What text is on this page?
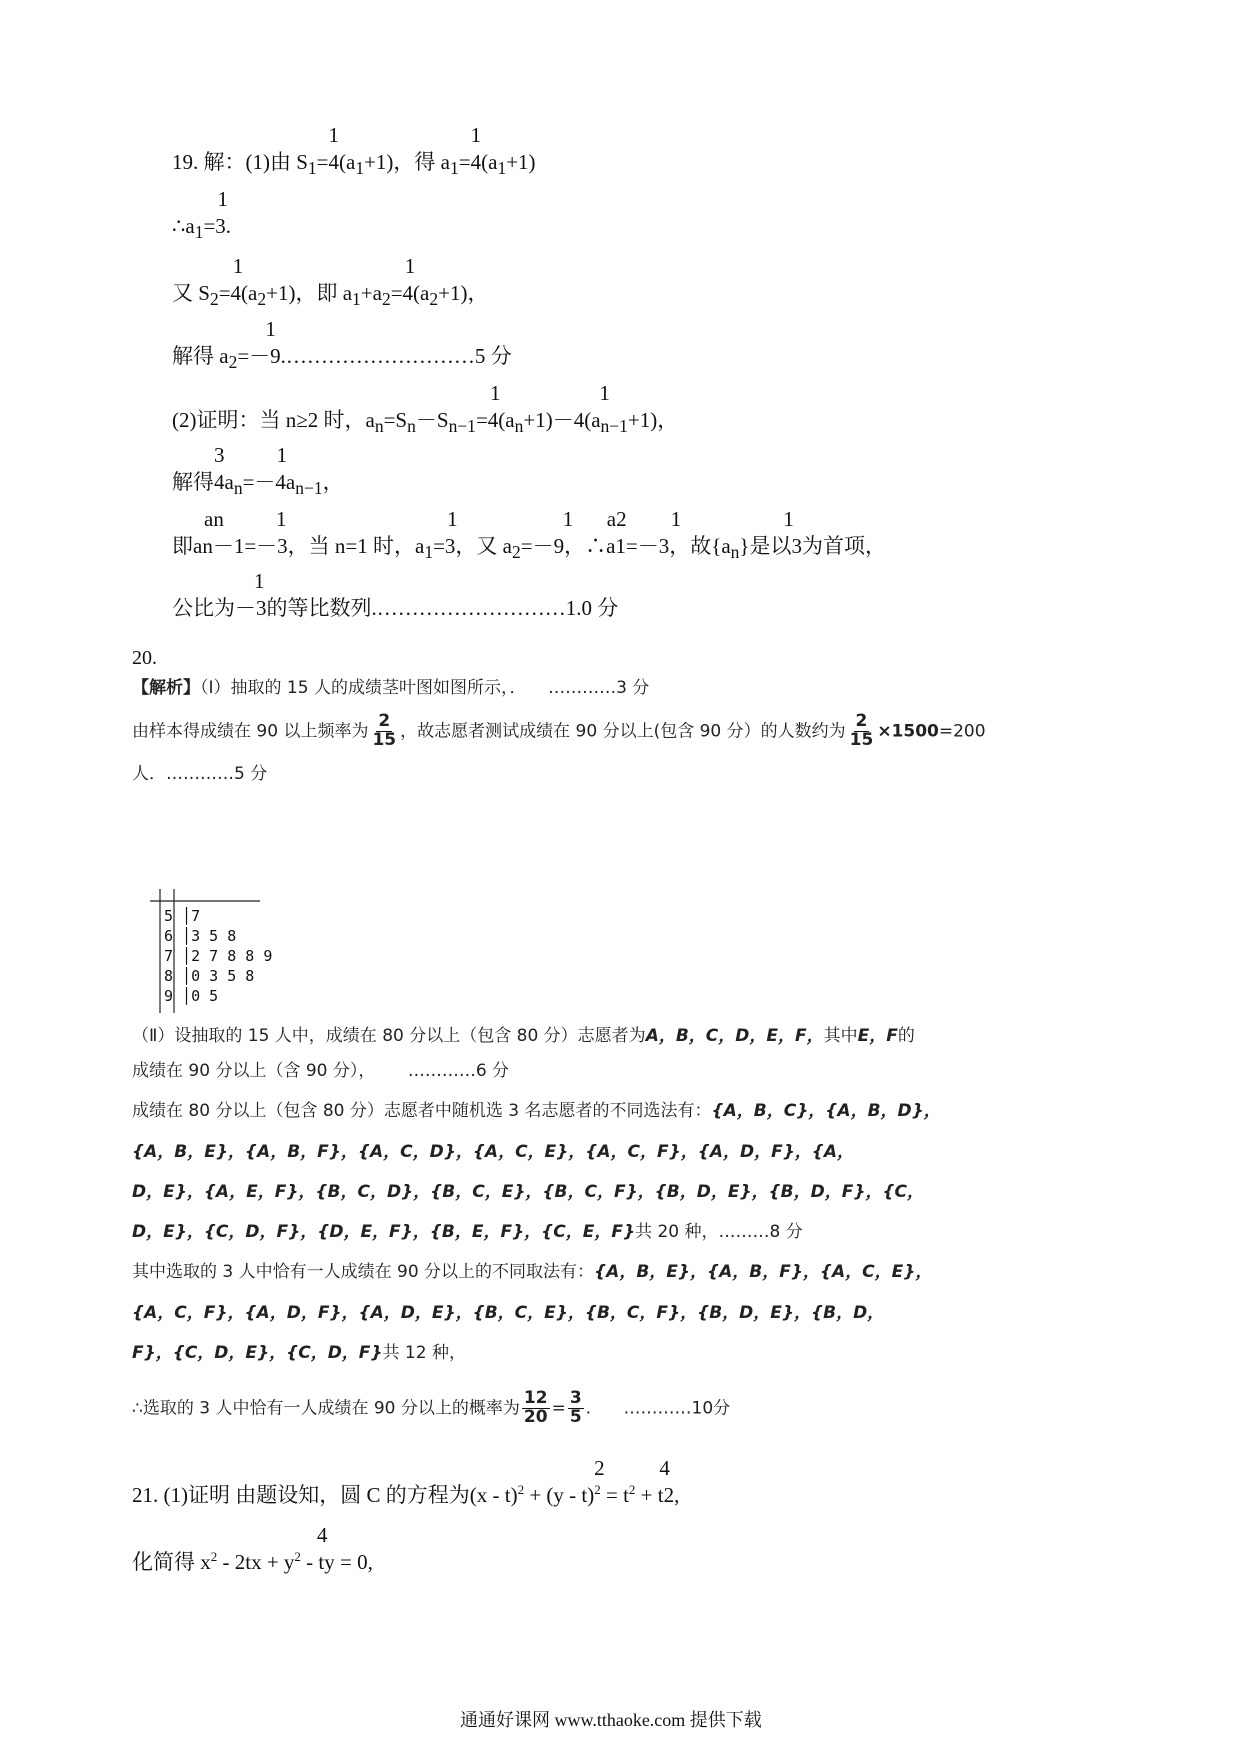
19. 解：(1)由 $S_1=$
1
$4(a_1+1)$，得 $a_1=$
1
$4(a_1+1)$
$\therefore a_1$
1
=3.
又 $S_2$
1
$=4(a_2+1)$，即 $a_1+a_2$
1
$=4(a_2+1)$，
解得 $a_2$
1
=－9.………………………5 分
(2)证明：当 n≥2 时，$a_n=S_n-S_{n-1}$
1
$=4(a_n$
1
$+1)-4(a_{n-1}+1)$，
解得
3
$4a_n$
1
$=-4a_{n-1}$，
an 1
即an－1=－3，当 n=1 时，$a_1$
1
=3，又 $a_2$
1 a2 1
=－9，∴a1=－3，故{$a_n$
1
}是以3为首项，
1
公比为－3的等比数列.………………………1.0 分
20.
【解析】（Ⅰ）抽取的 15 人的成绩茎叶图如图所示，． …………3 分
由样本得成绩在 90 以上频率为 $\frac{2}{15}$ ，故志愿者测试成绩在 90 分以上(包含 90 分）的人数约为 $\frac{2}{15} \times 1500=200$
人．…………5 分
5 │7
6 │3 5 8
7 │2 7 8 8 9
8 │0 3 5 8
9 │0 5
（Ⅱ）设抽取的 15 人中，成绩在 80 分以上（包含 80 分）志愿者为A，B，C，D，E，F，其中E，F的
成绩在 90 分以上（含 90 分）， …………6 分
成绩在 80 分以上（包含 80 分）志愿者中随机选 3 名志愿者的不同选法有：{A，B，C}，{A，B，D}，
{A，B，E}，{A，B，F}，{A，C，D}，{A，C，E}，{A，C，F}，{A，D，F}，{A，
D，E}，{A，E，F}，{B，C，D}，{B，C，E}，{B，C，F}，{B，D，E}，{B，D，F}，{C，
D，E}，{C，D，F}，{D，E，F}，{B，E，F}，{C，E，F}共 20 种，………8 分
其中选取的 3 人中恰有一人成绩在 90 分以上的不同取法有：{A，B，E}，{A，B，F}，{A，C，E}，
{A，C，F}，{A，D，F}，{A，D，E}，{B，C，E}，{B，C，F}，{B，D，E}，{B，D，
F}，{C，D，E}，{C，D，F}共 12 种，
∴选取的 3 人中恰有一人成绩在 90 分以上的概率为 $\frac{12}{20} = \frac{3}{5}$ . …………10分
21. (1)证明 由题设知，圆 C 的方程为(x - t)$^2$
2
+ $(y - t)^2 = t^2$
4
+ t2,
化简得 $x^2 - 2tx + y^2$
4
- ty = 0,
通通好课网 www.tthaoke.com 提供下载
